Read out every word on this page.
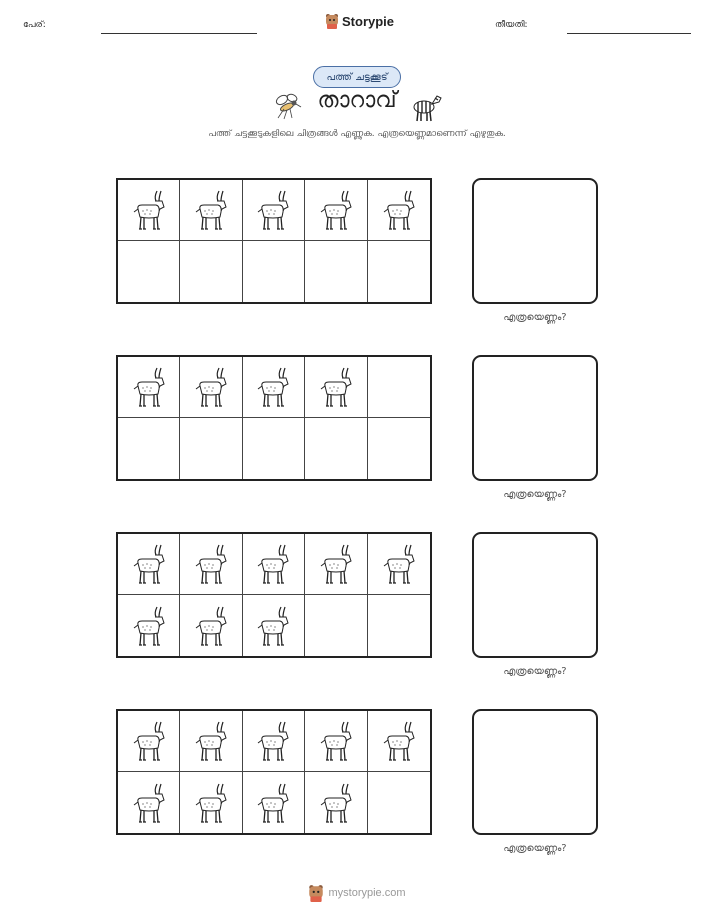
പേര്:	Storypie	തീയതി:
പത്ത് ചട്ടക്കൂട്
താറാവ്
പത്ത് ചട്ടക്കൂടുകളിലെ ചിത്രങ്ങൾ എണ്ണുക. എത്രയെണ്ണമാണെന്ന് എഴുതുക.
എത്രയെണ്ണം?
എത്രയെണ്ണം?
എത്രയെണ്ണം?
എത്രയെണ്ണം?
mystorypie.com
